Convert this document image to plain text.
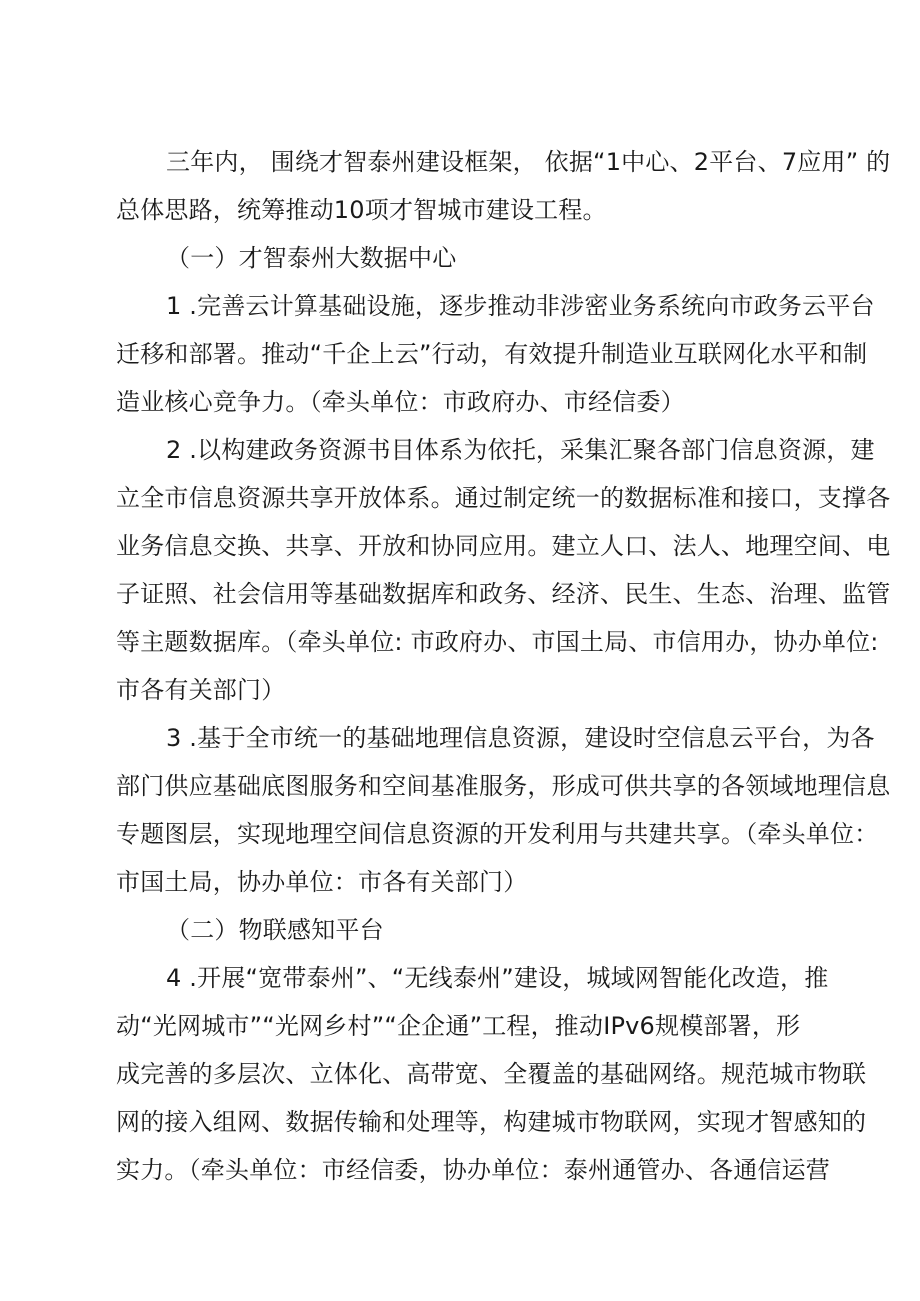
三年内， 围绕才智泰州建设框架， 依据“1中心、2平台、7应用” 的
总体思路，统筹推动10项才智城市建设工程。
（一）才智泰州大数据中心
1 .完善云计算基础设施，逐步推动非涉密业务系统向市政务云平台
迁移和部署。推动“千企上云”行动，有效提升制造业互联网化水平和制
造业核心竞争力。（牵头单位：市政府办、市经信委）
2 .以构建政务资源书目体系为依托，采集汇聚各部门信息资源，建
立全市信息资源共享开放体系。通过制定统一的数据标准和接口，支撑各
业务信息交换、共享、开放和协同应用。建立人口、法人、地理空间、电
子证照、社会信用等基础数据库和政务、经济、民生、生态、治理、监管
等主题数据库。（牵头单位: 市政府办、市国土局、市信用办，协办单位:
市各有关部门）
3 .基于全市统一的基础地理信息资源，建设时空信息云平台，为各
部门供应基础底图服务和空间基准服务，形成可供共享的各领域地理信息
专题图层，实现地理空间信息资源的开发利用与共建共享。（牵头单位：
市国土局，协办单位：市各有关部门）
（二）物联感知平台
4 .开展“宽带泰州”、“无线泰州”建设，城域网智能化改造，推
动“光网城市”“光网乡村”“企企通”工程，推动IPv6规模部署，形
成完善的多层次、立体化、高带宽、全覆盖的基础网络。规范城市物联
网的接入组网、数据传输和处理等，构建城市物联网，实现才智感知的
实力。（牵头单位：市经信委，协办单位：泰州通管办、各通信运营
